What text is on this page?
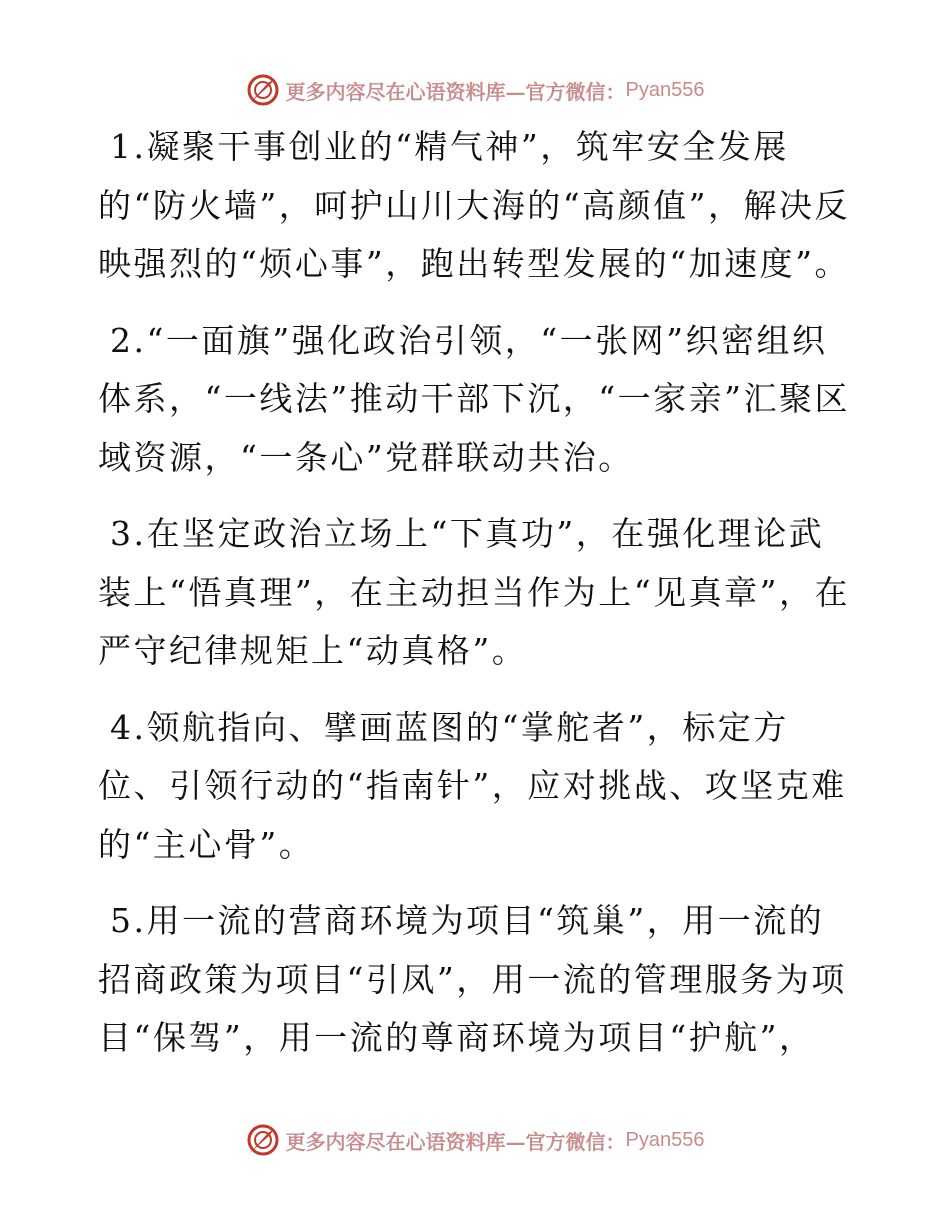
更多内容尽在心语资料库—官方微信： Pyan556

1.凝聚干事创业的“精气神”，筑牢安全发展的“防火墙”，呵护山川大海的“高颜值”，解决反映强烈的“烦心事”，跑出转型发展的“加速度”。

2.“一面旗”强化政治引领，“一张网”织密组织体系，“一线法”推动干部下沉，“一家亲”汇聚区域资源，“一条心”党群联动共治。

3.在坚定政治立场上“下真功”，在强化理论武装上“悟真理”，在主动担当作为上“见真章”，在严守纪律规矩上“动真格”。

4.领航指向、擘画蓝图的“掌舵者”，标定方位、引领行动的“指南针”，应对挑战、攻坚克难的“主心骨”。

5.用一流的营商环境为项目“筑巢”，用一流的招商政策为项目“引凤”，用一流的管理服务为项目“保驾”，用一流的尊商环境为项目“护航”，

更多内容尽在心语资料库—官方微信： Pyan556
